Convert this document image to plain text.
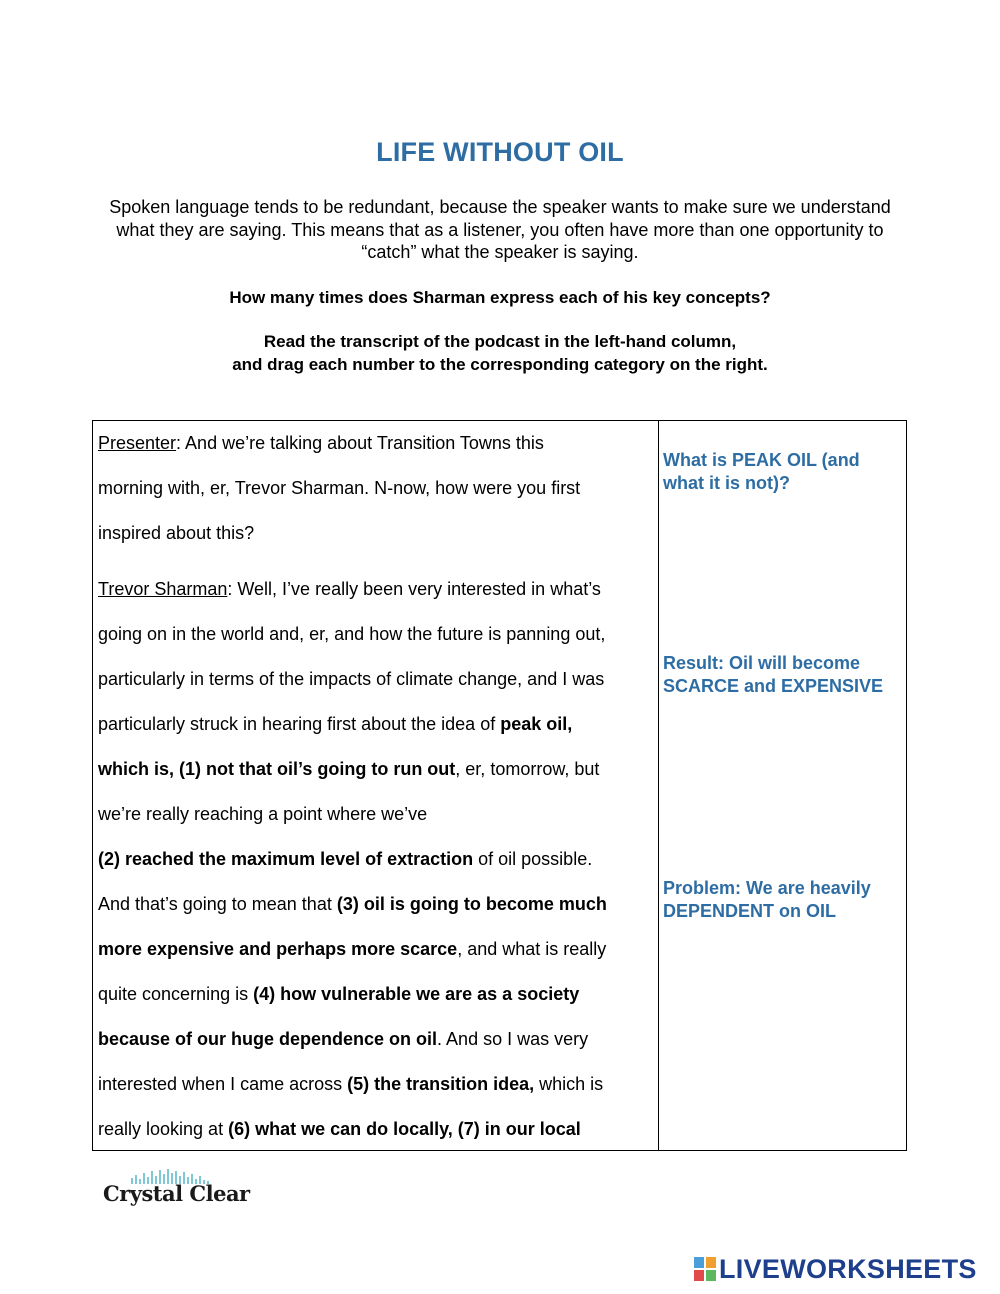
LIFE WITHOUT OIL

Spoken language tends to be redundant, because the speaker wants to make sure we understand what they are saying. This means that as a listener, you often have more than one opportunity to “catch” what the speaker is saying.

How many times does Sharman express each of his key concepts?

Read the transcript of the podcast in the left-hand column,
and drag each number to the corresponding category on the right.

Presenter: And we’re talking about Transition Towns this

morning with, er, Trevor Sharman. N-now, how were you first

inspired about this?

Trevor Sharman: Well, I’ve really been very interested in what’s

going on in the world and, er, and how the future is panning out,

particularly in terms of the impacts of climate change, and I was

particularly struck in hearing first about the idea of peak oil,

which is, (1) not that oil’s going to run out, er, tomorrow, but

we’re really reaching a point where we’ve

(2) reached the maximum level of extraction of oil possible.

And that’s going to mean that (3) oil is going to become much

more expensive and perhaps more scarce, and what is really

quite concerning is (4) how vulnerable we are as a society

because of our huge dependence on oil. And so I was very

interested when I came across (5) the transition idea, which is

really looking at (6) what we can do locally, (7) in our local

What is PEAK OIL (and
what it is not)?
Result: Oil will become
SCARCE and EXPENSIVE
Problem: We are heavily
DEPENDENT on OIL
Crystal Clear
LIVEWORKSHEETS
